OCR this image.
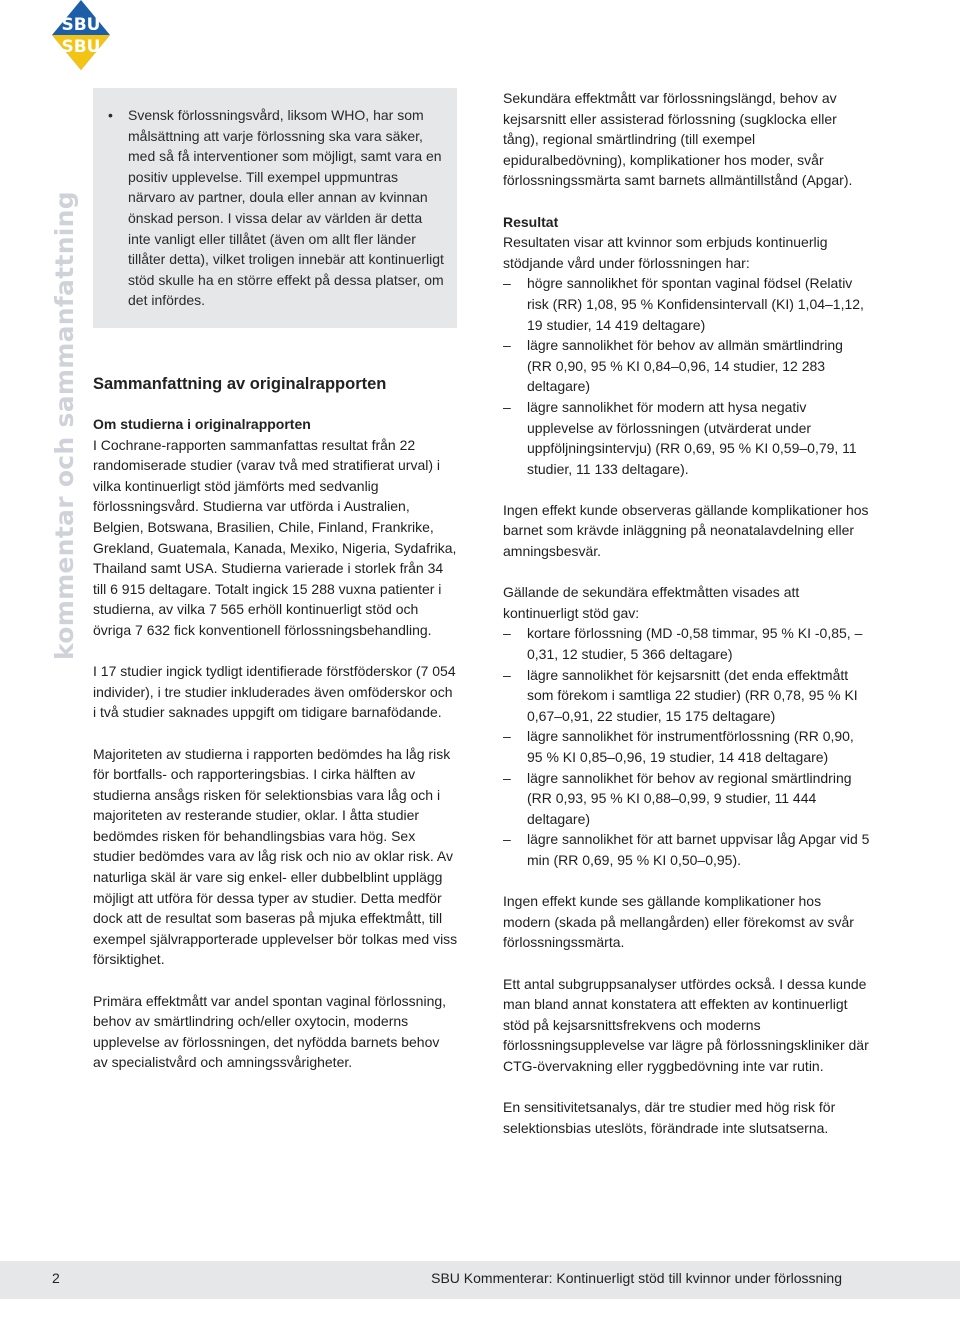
SBU
SBU
kommentar och sammanfattning
• Svensk förlossningsvård, liksom WHO, har som målsättning att varje förlossning ska vara säker, med så få interventioner som möjligt, samt vara en positiv upplevelse. Till exempel uppmuntras närvaro av partner, doula eller annan av kvinnan önskad person. I vissa delar av världen är detta inte vanligt eller tillåtet (även om allt fler länder tillåter detta), vilket troligen innebär att kontinuerligt stöd skulle ha en större effekt på dessa platser, om det infördes.
Sammanfattning av originalrapporten
Om studierna i originalrapporten

I Cochrane-rapporten sammanfattas resultat från 22 randomiserade studier (varav två med stratifierat urval) i vilka kontinuerligt stöd jämförts med sedvanlig förlossningsvård. Studierna var utförda i Australien, Belgien, Botswana, Brasilien, Chile, Finland, Frankrike, Grekland, Guatemala, Kanada, Mexiko, Nigeria, Sydafrika, Thailand samt USA. Studierna varierade i storlek från 34 till 6 915 deltagare. Totalt ingick 15 288 vuxna patienter i studierna, av vilka 7 565 erhöll kontinuerligt stöd och övriga 7 632 fick konventionell förlossningsbehandling.

I 17 studier ingick tydligt identifierade förstföderskor (7 054 individer), i tre studier inkluderades även omföderskor och i två studier saknades uppgift om tidigare barnafödande.

Majoriteten av studierna i rapporten bedömdes ha låg risk för bortfalls- och rapporteringsbias. I cirka hälften av studierna ansågs risken för selektionsbias vara låg och i majoriteten av resterande studier, oklar. I åtta studier bedömdes risken för behandlingsbias vara hög. Sex studier bedömdes vara av låg risk och nio av oklar risk. Av naturliga skäl är vare sig enkel- eller dubbelblint upplägg möjligt att utföra för dessa typer av studier. Detta medför dock att de resultat som baseras på mjuka effektmått, till exempel självrapporterade upplevelser bör tolkas med viss försiktighet.

Primära effektmått var andel spontan vaginal förlossning, behov av smärtlindring och/eller oxytocin, moderns upplevelse av förlossningen, det nyfödda barnets behov av specialistvård och amningssvårigheter.

Sekundära effektmått var förlossningslängd, behov av kejsarsnitt eller assisterad förlossning (sugklocka eller tång), regional smärtlindring (till exempel epiduralbedövning), komplikationer hos moder, svår förlossningssmärta samt barnets allmäntillstånd (Apgar).

Resultat

Resultaten visar att kvinnor som erbjuds kontinuerlig stödjande vård under förlossningen har:

– högre sannolikhet för spontan vaginal födsel (Relativ risk (RR) 1,08, 95 % Konfidensintervall (KI) 1,04–1,12, 19 studier, 14 419 deltagare)
– lägre sannolikhet för behov av allmän smärtlindring (RR 0,90, 95 % KI 0,84–0,96, 14 studier, 12 283 deltagare)
– lägre sannolikhet för modern att hysa negativ upplevelse av förlossningen (utvärderat under uppföljningsintervju) (RR 0,69, 95 % KI 0,59–0,79, 11 studier, 11 133 deltagare).

Ingen effekt kunde observeras gällande komplikationer hos barnet som krävde inläggning på neonatalavdelning eller amningsbesvär.

Gällande de sekundära effektmåtten visades att kontinuerligt stöd gav:

– kortare förlossning (MD -0,58 timmar, 95 % KI -0,85, –0,31, 12 studier, 5 366 deltagare)
– lägre sannolikhet för kejsarsnitt (det enda effektmått som förekom i samtliga 22 studier) (RR 0,78, 95 % KI 0,67–0,91, 22 studier, 15 175 deltagare)
– lägre sannolikhet för instrumentförlossning (RR 0,90, 95 % KI 0,85–0,96, 19 studier, 14 418 deltagare)
– lägre sannolikhet för behov av regional smärtlindring (RR 0,93, 95 % KI 0,88–0,99, 9 studier, 11 444 deltagare)
– lägre sannolikhet för att barnet uppvisar låg Apgar vid 5 min (RR 0,69, 95 % KI 0,50–0,95).

Ingen effekt kunde ses gällande komplikationer hos modern (skada på mellangården) eller förekomst av svår förlossningssmärta.

Ett antal subgruppsanalyser utfördes också. I dessa kunde man bland annat konstatera att effekten av kontinuerligt stöd på kejsarsnittsfrekvens och moderns förlossningsupplevelse var lägre på förlossningskliniker där CTG-övervakning eller ryggbedövning inte var rutin.

En sensitivitetsanalys, där tre studier med hög risk för selektionsbias uteslöts, förändrade inte slutsatserna.

2	SBU Kommenterar: Kontinuerligt stöd till kvinnor under förlossning
